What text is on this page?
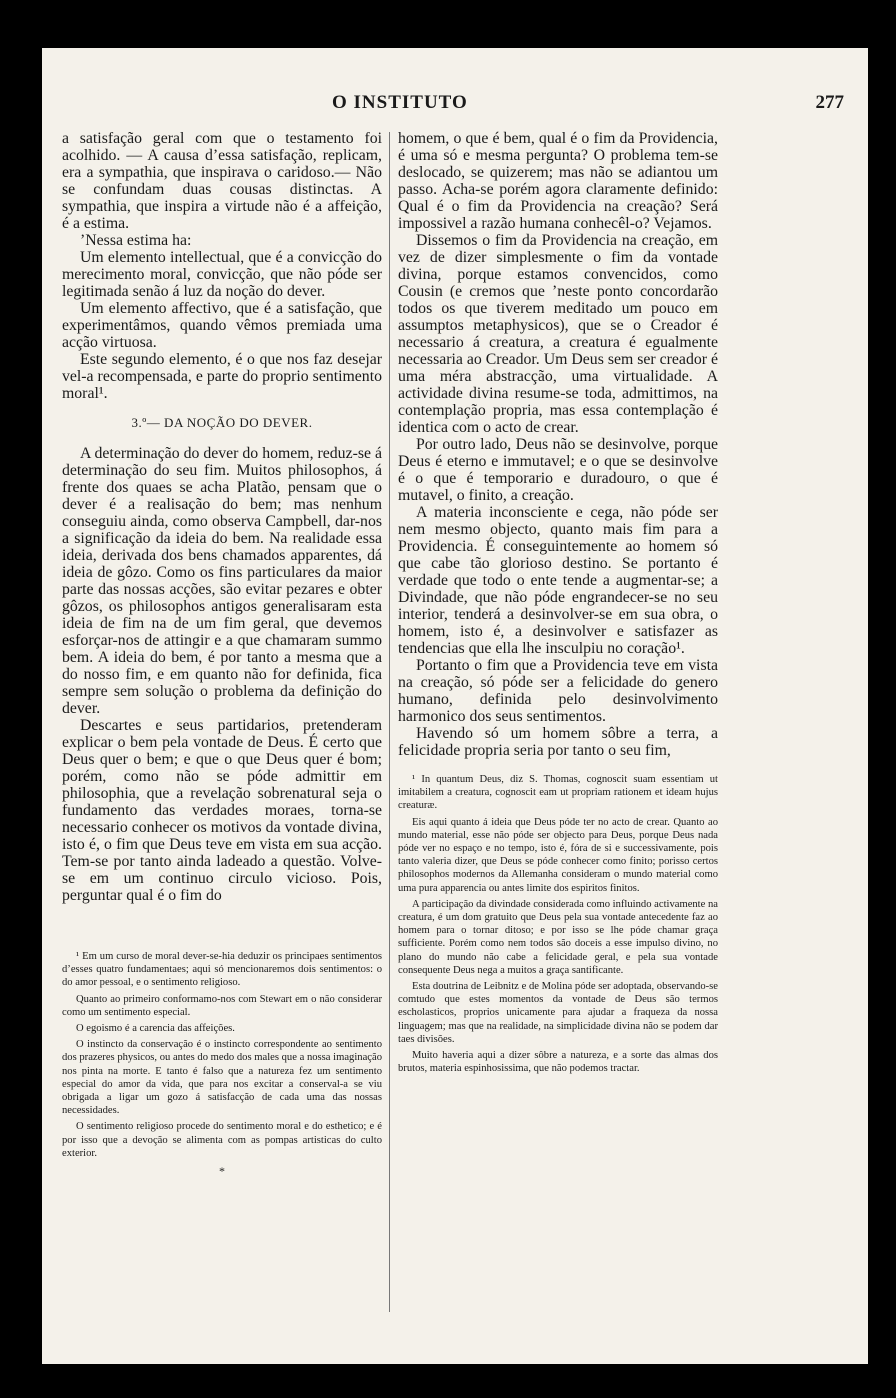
O INSTITUTO	277

a satisfação geral com que o testamento foi acolhido. — A causa d’essa satisfação, replicam, era a sympathia, que inspirava o caridoso.— Não se confundam duas cousas distinctas. A sympathia, que inspira a virtude não é a affeição, é a estima.

’Nessa estima ha:

Um elemento intellectual, que é a convicção do merecimento moral, convicção, que não póde ser legitimada senão á luz da noção do dever.

Um elemento affectivo, que é a satisfação, que experimentâmos, quando vêmos premiada uma acção virtuosa.

Este segundo elemento, é o que nos faz desejar vel-a recompensada, e parte do proprio sentimento moral¹.

3.º— DA NOÇÃO DO DEVER.

A determinação do dever do homem, reduz-se á determinação do seu fim. Muitos philosophos, á frente dos quaes se acha Platão, pensam que o dever é a realisação do bem; mas nenhum conseguiu ainda, como observa Campbell, dar-nos a significação da ideia do bem. Na realidade essa ideia, derivada dos bens chamados apparentes, dá ideia de gôzo. Como os fins particulares da maior parte das nossas acções, são evitar pezares e obter gôzos, os philosophos antigos generalisaram esta ideia de fim na de um fim geral, que devemos esforçar-nos de attingir e a que chamaram summo bem. A ideia do bem, é por tanto a mesma que a do nosso fim, e em quanto não for definida, fica sempre sem solução o problema da definição do dever.

Descartes e seus partidarios, pretenderam explicar o bem pela vontade de Deus. É certo que Deus quer o bem; e que o que Deus quer é bom; porém, como não se póde admittir em philosophia, que a revelação sobrenatural seja o fundamento das verdades moraes, torna-se necessario conhecer os motivos da vontade divina, isto é, o fim que Deus teve em vista em sua acção. Tem-se por tanto ainda ladeado a questão. Volve-se em um continuo circulo vicioso. Pois, perguntar qual é o fim do

¹ Em um curso de moral dever-se-hia deduzir os principaes sentimentos d’esses quatro fundamentaes; aqui só mencionaremos dois sentimentos: o do amor pessoal, e o sentimento religioso.

Quanto ao primeiro conformamo-nos com Stewart em o não considerar como um sentimento especial.

O egoismo é a carencia das affeições.

O instincto da conservação é o instincto correspondente ao sentimento dos prazeres physicos, ou antes do medo dos males que a nossa imaginação nos pinta na morte. E tanto é falso que a natureza fez um sentimento especial do amor da vida, que para nos excitar a conserval-a se viu obrigada a ligar um gozo á satisfacção de cada uma das nossas necessidades.

O sentimento religioso procede do sentimento moral e do esthetico; e é por isso que a devoção se alimenta com as pompas artisticas do culto exterior.

*

homem, o que é bem, qual é o fim da Providencia, é uma só e mesma pergunta? O problema tem-se deslocado, se quizerem; mas não se adiantou um passo. Acha-se porém agora claramente definido: Qual é o fim da Providencia na creação? Será impossivel a razão humana conhecêl-o? Vejamos.

Dissemos o fim da Providencia na creação, em vez de dizer simplesmente o fim da vontade divina, porque estamos convencidos, como Cousin (e cremos que ’neste ponto concordarão todos os que tiverem meditado um pouco em assumptos metaphysicos), que se o Creador é necessario á creatura, a creatura é egualmente necessaria ao Creador. Um Deus sem ser creador é uma méra abstracção, uma virtualidade. A actividade divina resume-se toda, admittimos, na contemplação propria, mas essa contemplação é identica com o acto de crear.

Por outro lado, Deus não se desinvolve, porque Deus é eterno e immutavel; e o que se desinvolve é o que é temporario e duradouro, o que é mutavel, o finito, a creação.

A materia inconsciente e cega, não póde ser nem mesmo objecto, quanto mais fim para a Providencia. É conseguintemente ao homem só que cabe tão glorioso destino. Se portanto é verdade que todo o ente tende a augmentar-se; a Divindade, que não póde engrandecer-se no seu interior, tenderá a desinvolver-se em sua obra, o homem, isto é, a desinvolver e satisfazer as tendencias que ella lhe insculpiu no coração¹.

Portanto o fim que a Providencia teve em vista na creação, só póde ser a felicidade do genero humano, definida pelo desinvolvimento harmonico dos seus sentimentos.

Havendo só um homem sôbre a terra, a felicidade propria seria por tanto o seu fim,

¹ In quantum Deus, diz S. Thomas, cognoscit suam essentiam ut imitabilem a creatura, cognoscit eam ut propriam rationem et ideam hujus creaturæ.

Eis aqui quanto á ideia que Deus póde ter no acto de crear. Quanto ao mundo material, esse não póde ser objecto para Deus, porque Deus nada póde ver no espaço e no tempo, isto é, fóra de si e successivamente, pois tanto valeria dizer, que Deus se póde conhecer como finito; porisso certos philosophos modernos da Allemanha consideram o mundo material como uma pura apparencia ou antes limite dos espiritos finitos.

A participação da divindade considerada como influindo activamente na creatura, é um dom gratuito que Deus pela sua vontade antecedente faz ao homem para o tornar ditoso; e por isso se lhe póde chamar graça sufficiente. Porém como nem todos são doceis a esse impulso divino, no plano do mundo não cabe a felicidade geral, e pela sua vontade consequente Deus nega a muitos a graça santificante.

Esta doutrina de Leibnitz e de Molina póde ser adoptada, observando-se comtudo que estes momentos da vontade de Deus são termos escholasticos, proprios unicamente para ajudar a fraqueza da nossa linguagem; mas que na realidade, na simplicidade divina não se podem dar taes divisões.

Muito haveria aqui a dizer sôbre a natureza, e a sorte das almas dos brutos, materia espinhosissima, que não podemos tractar.
